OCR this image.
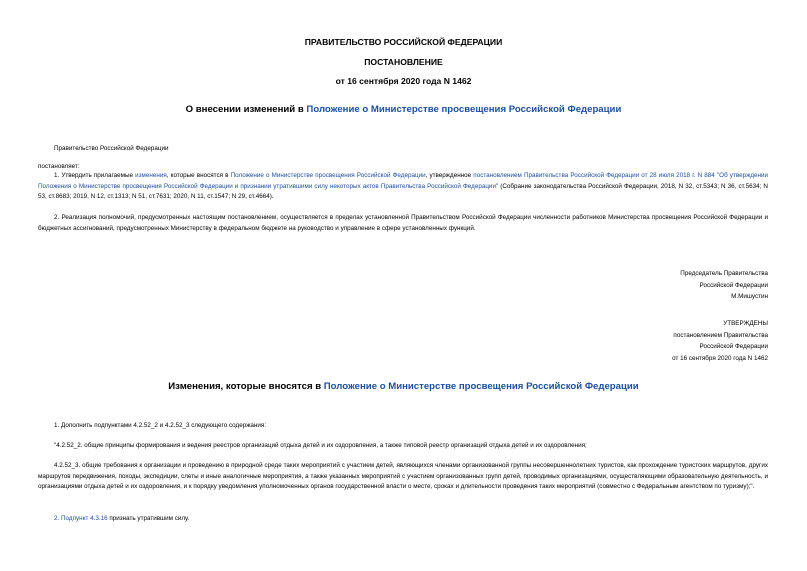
ПРАВИТЕЛЬСТВО РОССИЙСКОЙ ФЕДЕРАЦИИ
ПОСТАНОВЛЕНИЕ
от 16 сентября 2020 года N 1462
О внесении изменений в Положение о Министерстве просвещения Российской Федерации
Правительство Российской Федерации
постановляет:
1. Утвердить прилагаемые изменения, которые вносятся в Положение о Министерстве просвещения Российской Федерации, утвержденное постановлением Правительства Российской Федерации от 28 июля 2018 г. N 884 "Об утверждении Положения о Министерстве просвещения Российской Федерации и признании утратившими силу некоторых актов Правительства Российской Федерации" (Собрание законодательства Российской Федерации, 2018, N 32, ст.5343; N 36, ст.5634; N 53, ст.8683; 2019, N 12, ст.1313; N 51, ст.7631; 2020, N 11, ст.1547; N 29, ст.4664).
2. Реализация полномочий, предусмотренных настоящим постановлением, осуществляется в пределах установленной Правительством Российской Федерации численности работников Министерства просвещения Российской Федерации и бюджетных ассигнований, предусмотренных Министерству в федеральном бюджете на руководство и управление в сфере установленных функций.
Председатель Правительства
Российской Федерации
М.Мишустин
УТВЕРЖДЕНЫ
постановлением Правительства
Российской Федерации
от 16 сентября 2020 года N 1462
Изменения, которые вносятся в Положение о Министерстве просвещения Российской Федерации
1. Дополнить подпунктами 4.2.52_2 и 4.2.52_3 следующего содержания:
"4.2.52_2. общие принципы формирования и ведения реестров организаций отдыха детей и их оздоровления, а также типовой реестр организаций отдыха детей и их оздоровления;
4.2.52_3. общие требования к организации и проведению в природной среде таких мероприятий с участием детей, являющихся членами организованной группы несовершеннолетних туристов, как прохождение туристских маршрутов, других маршрутов передвижения, походы, экспедиции, слеты и иные аналогичные мероприятия, а также указанных мероприятий с участием организованных групп детей, проводимых организациями, осуществляющими образовательную деятельность, и организациями отдыха детей и их оздоровления, и к порядку уведомления уполномоченных органов государственной власти о месте, сроках и длительности проведения таких мероприятий (совместно с Федеральным агентством по туризму);".
2. Подпункт 4.3.16 признать утратившим силу.
